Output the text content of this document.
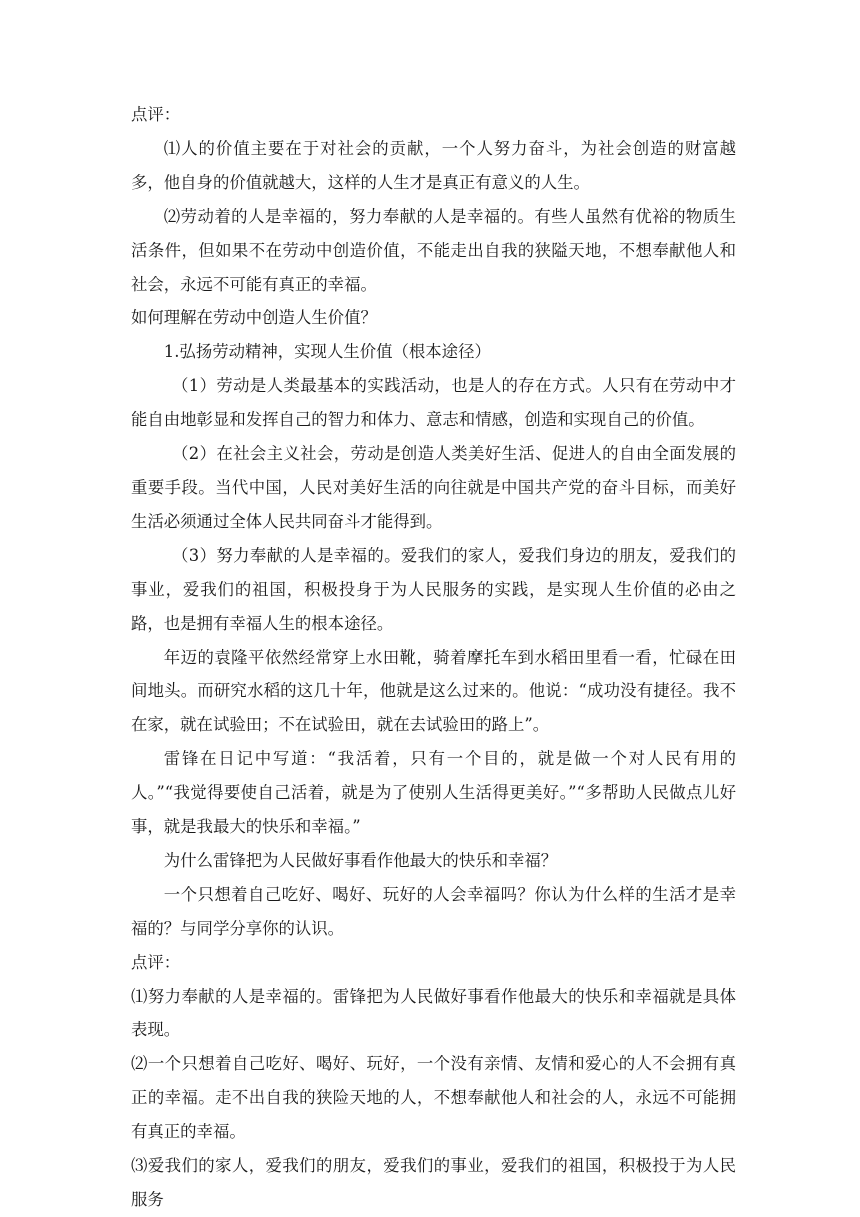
点评：

⑴人的价值主要在于对社会的贡献，一个人努力奋斗，为社会创造的财富越多，他自身的价值就越大，这样的人生才是真正有意义的人生。

⑵劳动着的人是幸福的，努力奉献的人是幸福的。有些人虽然有优裕的物质生活条件，但如果不在劳动中创造价值，不能走出自我的狭隘天地，不想奉献他人和社会，永远不可能有真正的幸福。

如何理解在劳动中创造人生价值？

1.弘扬劳动精神，实现人生价值（根本途径）

（1）劳动是人类最基本的实践活动，也是人的存在方式。人只有在劳动中才能自由地彰显和发挥自己的智力和体力、意志和情感，创造和实现自己的价值。

（2）在社会主义社会，劳动是创造人类美好生活、促进人的自由全面发展的重要手段。当代中国，人民对美好生活的向往就是中国共产党的奋斗目标，而美好生活必须通过全体人民共同奋斗才能得到。

（3）努力奉献的人是幸福的。爱我们的家人，爱我们身边的朋友，爱我们的事业，爱我们的祖国，积极投身于为人民服务的实践，是实现人生价值的必由之路，也是拥有幸福人生的根本途径。

年迈的袁隆平依然经常穿上水田靴，骑着摩托车到水稻田里看一看，忙碌在田间地头。而研究水稻的这几十年，他就是这么过来的。他说：“成功没有捷径。我不在家，就在试验田；不在试验田，就在去试验田的路上”。

雷锋在日记中写道：“我活着，只有一个目的，就是做一个对人民有用的人。”“我觉得要使自己活着，就是为了使别人生活得更美好。”“多帮助人民做点儿好事，就是我最大的快乐和幸福。”

为什么雷锋把为人民做好事看作他最大的快乐和幸福？

一个只想着自己吃好、喝好、玩好的人会幸福吗？你认为什么样的生活才是幸福的？与同学分享你的认识。

点评：

⑴努力奉献的人是幸福的。雷锋把为人民做好事看作他最大的快乐和幸福就是具体表现。

⑵一个只想着自己吃好、喝好、玩好，一个没有亲情、友情和爱心的人不会拥有真正的幸福。走不出自我的狭险天地的人，不想奉献他人和社会的人，永远不可能拥有真正的幸福。

⑶爱我们的家人，爱我们的朋友，爱我们的事业，爱我们的祖国，积极投于为人民服务
